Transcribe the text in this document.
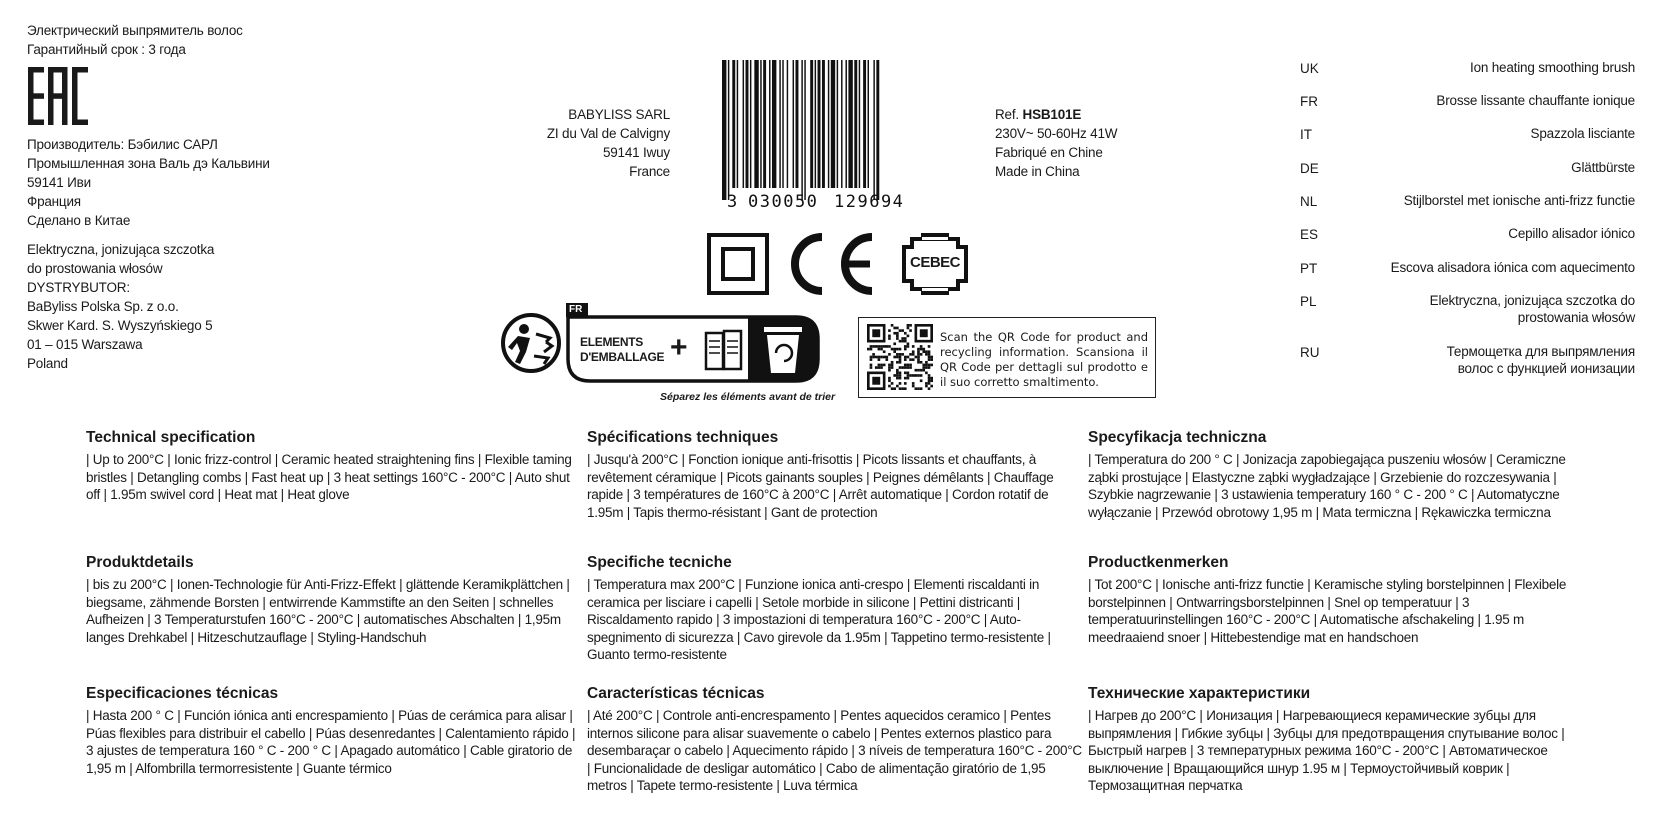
Электрический выпрямитель волос
Гарантийный срок : 3 года
Производитель: Бэбилис САРЛ
Промышленная зона Валь дэ Кальвини
59141 Иви
Франция
Сделано в Китае
Elektryczna, jonizująca szczotka
do prostowania włosów
DYSTRYBUTOR:
BaByliss Polska Sp. z o.o.
Skwer Kard. S. Wyszyńskiego 5
01 – 015 Warszawa
Poland
BABYLISS SARL
ZI du Val de Calvigny
59141 Iwuy
France
3 030050 129694
Ref. HSB101E
230V~ 50-60Hz 41W
Fabriqué en Chine
Made in China
CEBEC
FR
ELEMENTS
D'EMBALLAGE +
Séparez les éléments avant de trier
Scan the QR Code for product and recycling information. Scansiona il QR Code per dettagli sul prodotto e il suo corretto smaltimento.
UK	Ion heating smoothing brush
FR	Brosse lissante chauffante ionique
IT	Spazzola lisciante
DE	Glättbürste
NL	Stijlborstel met ionische anti-frizz functie
ES	Cepillo alisador iónico
PT	Escova alisadora iónica com aquecimento
PL	Elektryczna, jonizująca szczotka do prostowania włosów
RU	Термощетка для выпрямления волос с функцией ионизации
Technical specification
| Up to 200°C | Ionic frizz-control | Ceramic heated straightening fins | Flexible taming bristles | Detangling combs | Fast heat up | 3 heat settings 160°C - 200°C | Auto shut off | 1.95m swivel cord | Heat mat | Heat glove
Spécifications techniques
| Jusqu'à 200°C | Fonction ionique anti-frisottis | Picots lissants et chauffants, à revêtement céramique | Picots gainants souples | Peignes démêlants | Chauffage rapide | 3 températures de 160°C à 200°C | Arrêt automatique | Cordon rotatif de 1.95m | Tapis thermo-résistant | Gant de protection
Specyfikacja techniczna
| Temperatura do 200 ° C | Jonizacja zapobiegająca puszeniu włosów | Ceramiczne ząbki prostujące | Elastyczne ząbki wygładzające | Grzebienie do rozczesywania | Szybkie nagrzewanie | 3 ustawienia temperatury 160 ° C - 200 ° C | Automatyczne wyłączanie | Przewód obrotowy 1,95 m | Mata termiczna | Rękawiczka termiczna
Produktdetails
| bis zu 200°C | Ionen-Technologie für Anti-Frizz-Effekt | glättende Keramikplättchen | biegsame, zähmende Borsten | entwirrende Kammstifte an den Seiten | schnelles Aufheizen | 3 Temperaturstufen 160°C - 200°C | automatisches Abschalten | 1,95m langes Drehkabel | Hitzeschutzauflage | Styling-Handschuh
Specifiche tecniche
| Temperatura max 200°C | Funzione ionica anti-crespo | Elementi riscaldanti in ceramica per lisciare i capelli | Setole morbide in silicone | Pettini districanti | Riscaldamento rapido | 3 impostazioni di temperatura 160°C - 200°C | Auto-spegnimento di sicurezza | Cavo girevole da 1.95m | Tappetino termo-resistente | Guanto termo-resistente
Productkenmerken
| Tot 200°C | Ionische anti-frizz functie | Keramische styling borstelpinnen | Flexibele borstelpinnen | Ontwarringsborstelpinnen | Snel op temperatuur | 3 temperatuurinstellingen 160°C - 200°C | Automatische afschakeling | 1.95 m meedraaiend snoer | Hittebestendige mat en handschoen
Especificaciones técnicas
| Hasta 200 ° C | Función iónica anti encrespamiento | Púas de cerámica para alisar | Púas flexibles para distribuir el cabello | Púas desenredantes | Calentamiento rápido | 3 ajustes de temperatura 160 ° C - 200 ° C | Apagado automático | Cable giratorio de 1,95 m | Alfombrilla termorresistente | Guante térmico
Características técnicas
| Até 200°C | Controle anti-encrespamento | Pentes aquecidos ceramico | Pentes internos silicone para alisar suavemente o cabelo | Pentes externos plastico para desembaraçar o cabelo | Aquecimento rápido | 3 níveis de temperatura 160°C - 200°C | Funcionalidade de desligar automático | Cabo de alimentação giratório de 1,95 metros | Tapete termo-resistente | Luva térmica
Технические характеристики
| Нагрев до 200°C | Ионизация | Нагревающиеся керамические зубцы для выпрямления | Гибкие зубцы | Зубцы для предотвращения спутывание волос | Быстрый нагрев | 3 температурных режима 160°C - 200°C | Автоматическое выключение | Вращающийся шнур 1.95 м | Термоустойчивый коврик | Термозащитная перчатка
